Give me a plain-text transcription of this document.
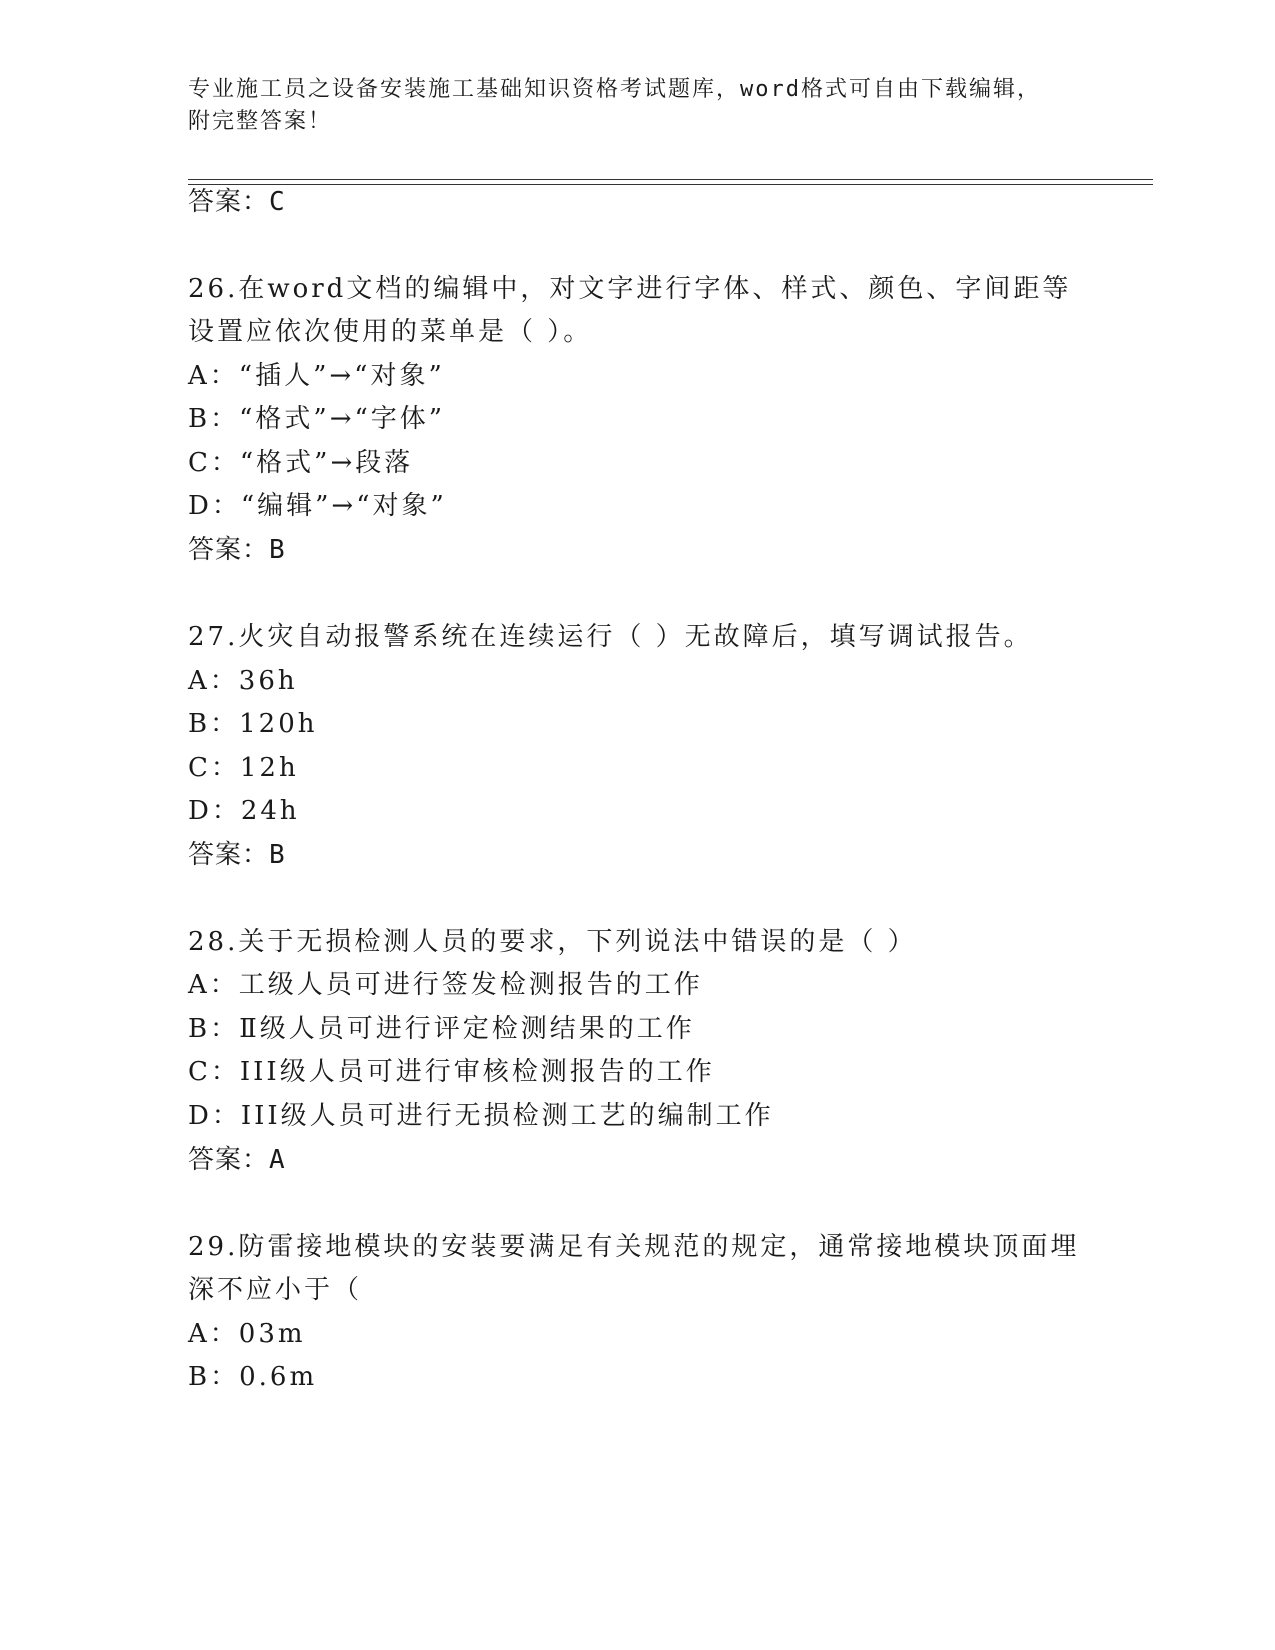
专业施工员之设备安装施工基础知识资格考试题库，word格式可自由下载编辑，
附完整答案！
答案：C
26.在word文档的编辑中，对文字进行字体、样式、颜色、字间距等
设置应依次使用的菜单是（ ）。
A：“插人”→“对象”
B：“格式”→“字体”
C：“格式”→段落
D：“编辑”→“对象”
答案：B
27.火灾自动报警系统在连续运行（ ）无故障后，填写调试报告。
A：36h
B：120h
C：12h
D：24h
答案：B
28.关于无损检测人员的要求，下列说法中错误的是（ ）
A：工级人员可进行签发检测报告的工作
B：Ⅱ级人员可进行评定检测结果的工作
C：III级人员可进行审核检测报告的工作
D：III级人员可进行无损检测工艺的编制工作
答案：A
29.防雷接地模块的安装要满足有关规范的规定，通常接地模块顶面埋
深不应小于（
A：03m
B：0.6m
